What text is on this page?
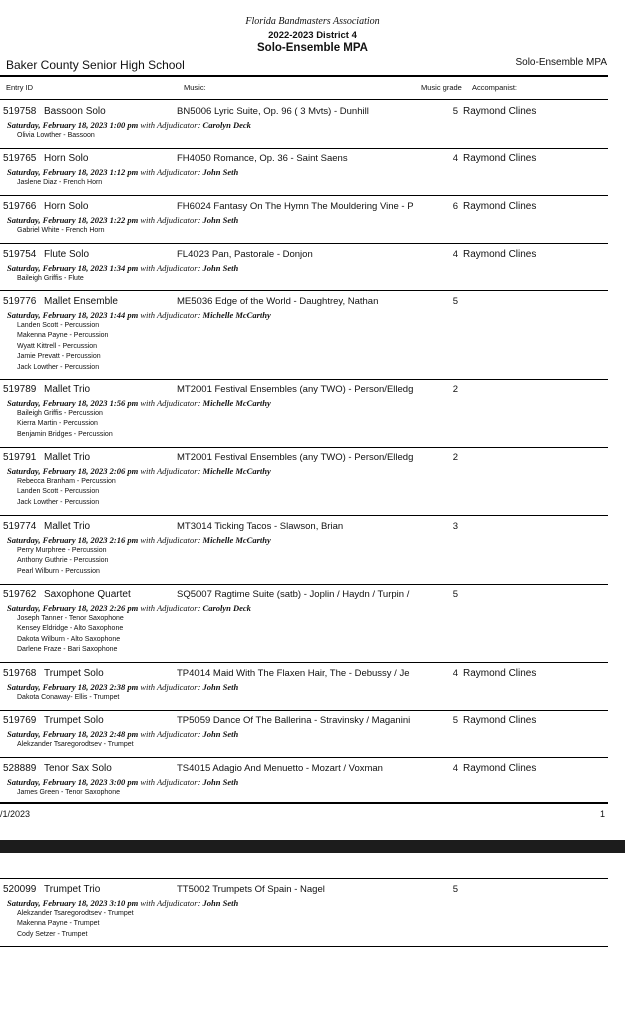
Florida Bandmasters Association
2022-2023 District 4
Solo-Ensemble MPA
Baker County Senior High School	Solo-Ensemble MPA
Entry ID	Music:	Music grade Accompanist:
519758 Bassoon Solo	BN5006 Lyric Suite, Op. 96 ( 3 Mvts) - Dunhill	5 Raymond Clines
Saturday, February 18, 2023 1:00 pm with Adjudicator: Carolyn Deck
Olivia Lowther - Bassoon
519765 Horn Solo	FH4050 Romance, Op. 36 - Saint Saens	4 Raymond Clines
Saturday, February 18, 2023 1:12 pm with Adjudicator: John Seth
Jaslene Diaz - French Horn
519766 Horn Solo	FH6024 Fantasy On The Hymn The Mouldering Vine - P	6 Raymond Clines
Saturday, February 18, 2023 1:22 pm with Adjudicator: John Seth
Gabriel White - French Horn
519754 Flute Solo	FL4023 Pan, Pastorale - Donjon	4 Raymond Clines
Saturday, February 18, 2023 1:34 pm with Adjudicator: John Seth
Baileigh Griffis - Flute
519776 Mallet Ensemble	ME5036 Edge of the World - Daughtrey, Nathan	5
Saturday, February 18, 2023 1:44 pm with Adjudicator: Michelle McCarthy
Landen Scott - Percussion
Makenna Payne - Percussion
Wyatt Kittrell - Percussion
Jamie Prevatt - Percussion
Jack Lowther - Percussion
519789 Mallet Trio	MT2001 Festival Ensembles (any TWO) - Person/Elledg	2
Saturday, February 18, 2023 1:56 pm with Adjudicator: Michelle McCarthy
Baileigh Griffis - Percussion
Kierra Martin - Percussion
Benjamin Bridges - Percussion
519791 Mallet Trio	MT2001 Festival Ensembles (any TWO) - Person/Elledg	2
Saturday, February 18, 2023 2:06 pm with Adjudicator: Michelle McCarthy
Rebecca Branham - Percussion
Landen Scott - Percussion
Jack Lowther - Percussion
519774 Mallet Trio	MT3014 Ticking Tacos - Slawson, Brian	3
Saturday, February 18, 2023 2:16 pm with Adjudicator: Michelle McCarthy
Perry Murphree - Percussion
Anthony Guthrie - Percussion
Pearl Wilburn - Percussion
519762 Saxophone Quartet	SQ5007 Ragtime Suite (satb) - Joplin / Haydn / Turpin /	5
Saturday, February 18, 2023 2:26 pm with Adjudicator: Carolyn Deck
Joseph Tanner - Tenor Saxophone
Kensey Eldridge - Alto Saxophone
Dakota Wilburn - Alto Saxophone
Darlene Fraze - Bari Saxophone
519768 Trumpet Solo	TP4014 Maid With The Flaxen Hair, The - Debussy / Je	4 Raymond Clines
Saturday, February 18, 2023 2:38 pm with Adjudicator: John Seth
Dakota Conaway- Ellis - Trumpet
519769 Trumpet Solo	TP5059 Dance Of The Ballerina - Stravinsky / Maganini	5 Raymond Clines
Saturday, February 18, 2023 2:48 pm with Adjudicator: John Seth
Alekzander Tsaregorodtsev - Trumpet
528889 Tenor Sax Solo	TS4015 Adagio And Menuetto - Mozart / Voxman	4 Raymond Clines
Saturday, February 18, 2023 3:00 pm with Adjudicator: John Seth
James Green - Tenor Saxophone
520099 Trumpet Trio	TT5002 Trumpets Of Spain - Nagel	5
Saturday, February 18, 2023 3:10 pm with Adjudicator: John Seth
Alekzander Tsaregorodtsev - Trumpet
Makenna Payne - Trumpet
Cody Setzer - Trumpet
/1/2023	1
